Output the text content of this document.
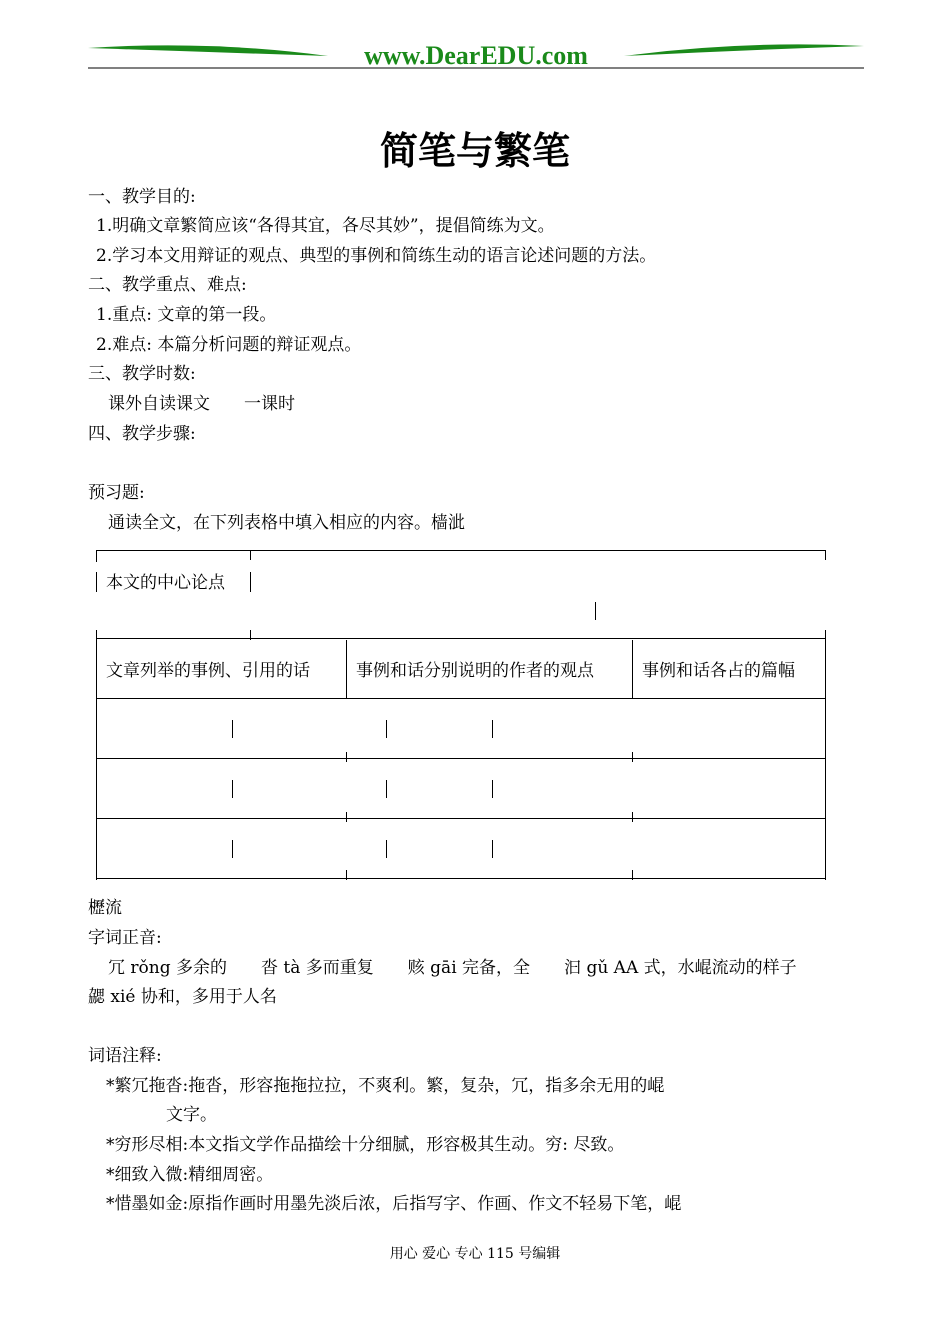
www.DearEDU.com
简笔与繁笔
一、教学目的:
1.明确文章繁简应该“各得其宜，各尽其妙”，提倡简练为文。
2.学习本文用辩证的观点、典型的事例和简练生动的语言论述问题的方法。
二、教学重点、难点:
1.重点: 文章的第一段。
2.难点: 本篇分析问题的辩证观点。
三、教学时数:
课外自读课文　　一课时
四、教学步骤:
预习题:
通读全文，在下列表格中填入相应的内容。樯泚
本文的中心论点
文章列举的事例、引用的话	事例和话分别说明的作者的观点	事例和话各占的篇幅
櫪流
字词正音:
冗 rǒng 多余的　　沓 tà 多而重复　　赅 gāi 完备，全　　汩 gǔ AA 式，水崐流动的样子
勰 xié 协和，多用于人名
词语注释:
*繁冗拖沓:拖沓，形容拖拖拉拉，不爽利。繁，复杂，冗，指多余无用的崐
文字。
*穷形尽相:本文指文学作品描绘十分细腻，形容极其生动。穷: 尽致。
*细致入微:精细周密。
*惜墨如金:原指作画时用墨先淡后浓，后指写字、作画、作文不轻易下笔，崐
用心 爱心 专心 115 号编辑
